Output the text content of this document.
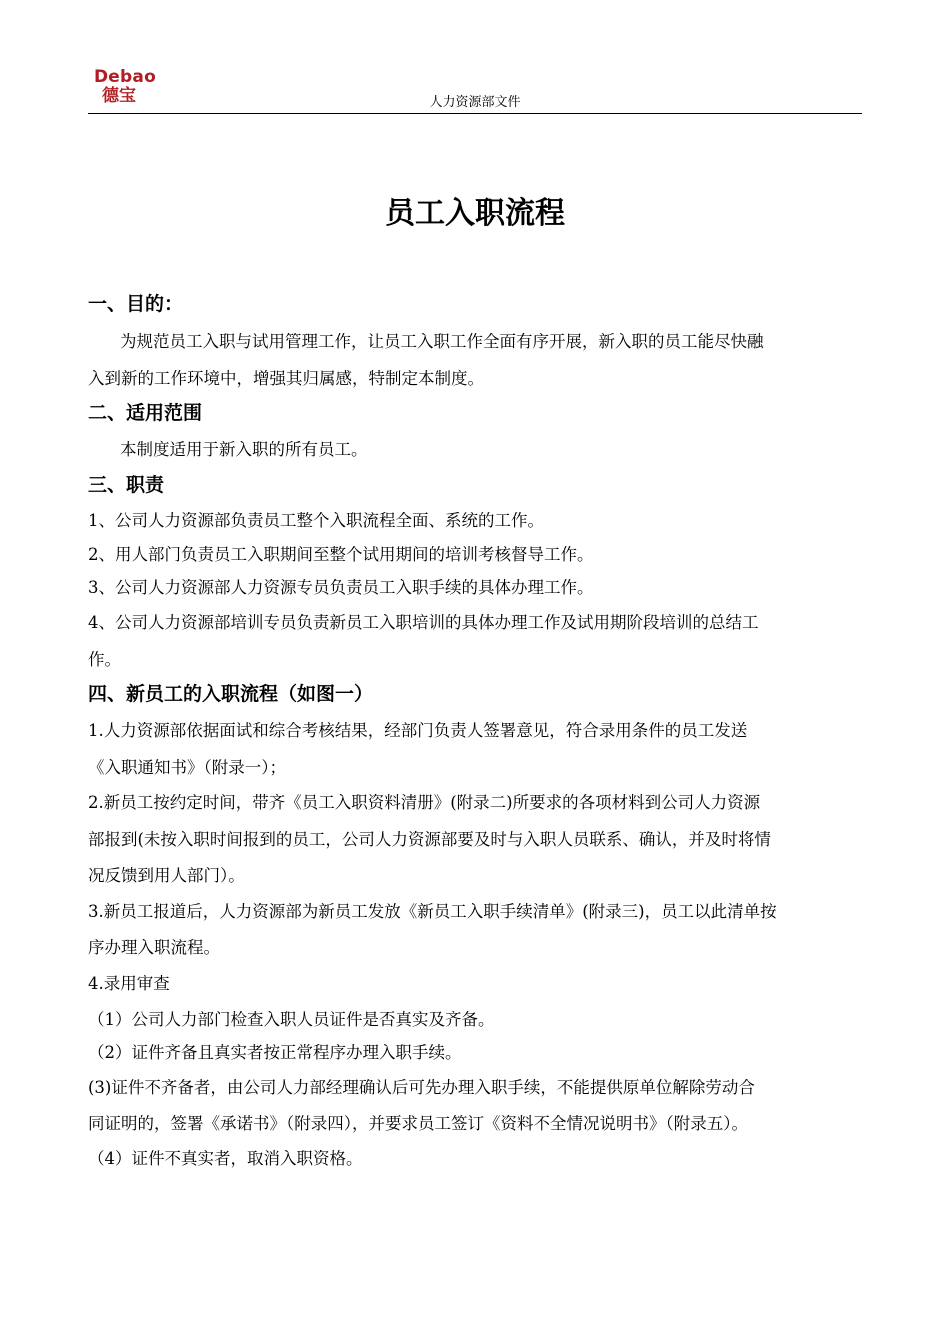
Debao
德宝	人力资源部文件
员工入职流程
一、目的：
为规范员工入职与试用管理工作，让员工入职工作全面有序开展，新入职的员工能尽快融
入到新的工作环境中，增强其归属感，特制定本制度。
二、适用范围
本制度适用于新入职的所有员工。
三、职责
1、公司人力资源部负责员工整个入职流程全面、系统的工作。
2、用人部门负责员工入职期间至整个试用期间的培训考核督导工作。
3、公司人力资源部人力资源专员负责员工入职手续的具体办理工作。
4、公司人力资源部培训专员负责新员工入职培训的具体办理工作及试用期阶段培训的总结工
作。
四、新员工的入职流程（如图一）
1.人力资源部依据面试和综合考核结果，经部门负责人签署意见，符合录用条件的员工发送
《入职通知书》（附录一）；
2.新员工按约定时间，带齐《员工入职资料清册》(附录二)所要求的各项材料到公司人力资源
部报到(未按入职时间报到的员工，公司人力资源部要及时与入职人员联系、确认，并及时将情
况反馈到用人部门）。
3.新员工报道后，人力资源部为新员工发放《新员工入职手续清单》(附录三)，员工以此清单按
序办理入职流程。
4.录用审查
（1）公司人力部门检查入职人员证件是否真实及齐备。
（2）证件齐备且真实者按正常程序办理入职手续。
(3)证件不齐备者，由公司人力部经理确认后可先办理入职手续，不能提供原单位解除劳动合
同证明的，签署《承诺书》（附录四），并要求员工签订《资料不全情况说明书》（附录五）。
（4）证件不真实者，取消入职资格。
